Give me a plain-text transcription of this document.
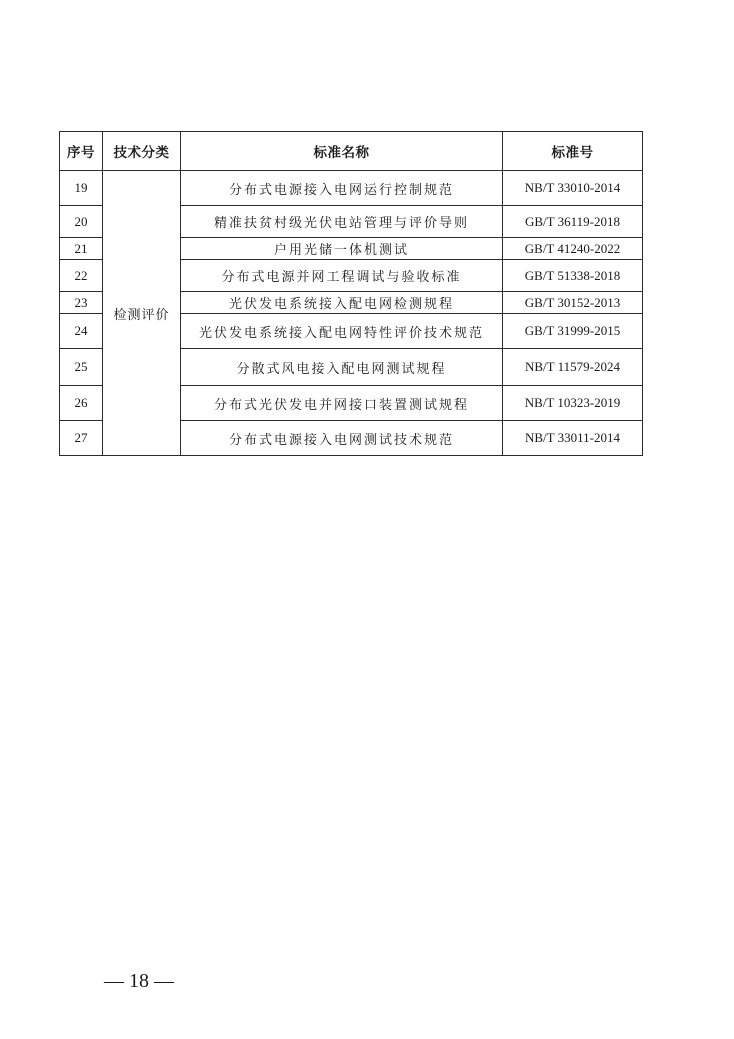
序号	技术分类	标准名称	标准号
19	检测评价	分布式电源接入电网运行控制规范	NB/T 33010-2014
20		精准扶贫村级光伏电站管理与评价导则	GB/T 36119-2018
21		户用光储一体机测试	GB/T 41240-2022
22		分布式电源并网工程调试与验收标准	GB/T 51338-2018
23		光伏发电系统接入配电网检测规程	GB/T 30152-2013
24		光伏发电系统接入配电网特性评价技术规范	GB/T 31999-2015
25		分散式风电接入配电网测试规程	NB/T 11579-2024
26		分布式光伏发电并网接口装置测试规程	NB/T 10323-2019
27		分布式电源接入电网测试技术规范	NB/T 33011-2014
— 18 —
